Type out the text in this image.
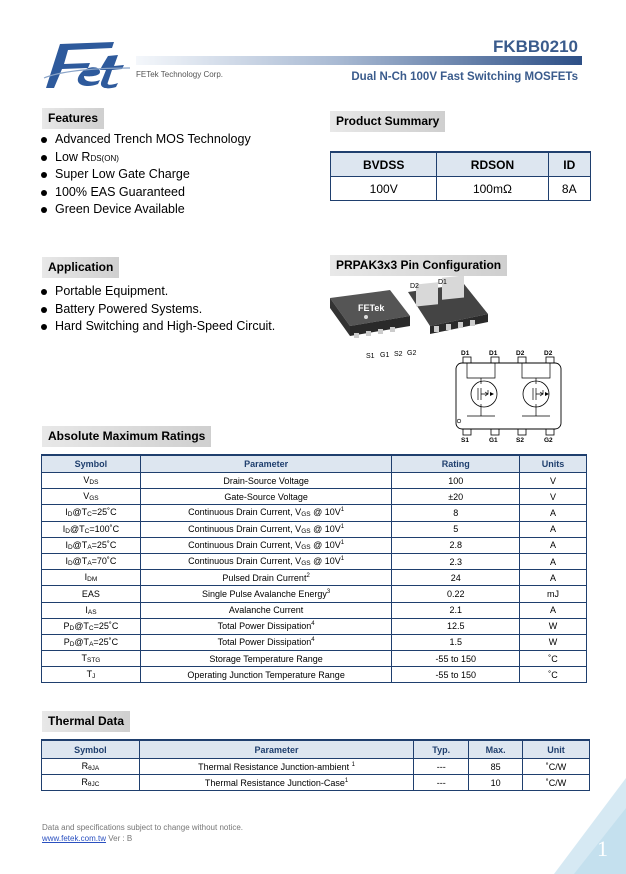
FETek Technology Corp.
FKBB0210
Dual N-Ch 100V Fast Switching MOSFETs
Features
Advanced Trench MOS Technology
Low RDS(ON)
Super Low Gate Charge
100% EAS Guaranteed
Green Device Available
Product Summary
BVDSS	RDSON	ID
100V	100mΩ	8A
Application
Portable Equipment.
Battery Powered Systems.
Hard Switching and High-Speed Circuit.
PRPAK3x3 Pin Configuration
FETek
S1 G1 S2 G2
D2
D1
D1	D1	D2	D2
S1	G1	S2	G2
Absolute Maximum Ratings
Symbol	Parameter	Rating	Units
VDS	Drain-Source Voltage	100	V
VGS	Gate-Source Voltage	±20	V
ID@TC=25˚C	Continuous Drain Current, VGS @ $10V^1$	8	A
ID@TC=100˚C	Continuous Drain Current, VGS @ $10V^1$	5	A
ID@TA=25˚C	Continuous Drain Current, VGS @ $10V^1$	2.8	A
ID@TA=70˚C	Continuous Drain Current, VGS @ $10V^1$	2.3	A
IDM	Pulsed Drain Current$^2$	24	A
EAS	Single Pulse Avalanche Energy$^3$	0.22	mJ
IAS	Avalanche Current	2.1	A
PD@TC=25˚C	Total Power Dissipation$^4$	12.5	W
PD@TA=25˚C	Total Power Dissipation$^4$	1.5	W
TSTG	Storage Temperature Range	-55 to 150	˚C
TJ	Operating Junction Temperature Range	-55 to 150	˚C
Thermal Data
Symbol	Parameter	Typ.	Max.	Unit
RθJA	Thermal Resistance Junction-ambient $^1$	---	85	˚C/W
RθJC	Thermal Resistance Junction-Case$^1$	---	10	˚C/W
Data and specifications subject to change without notice.
www.fetek.com.tw Ver : B	1
